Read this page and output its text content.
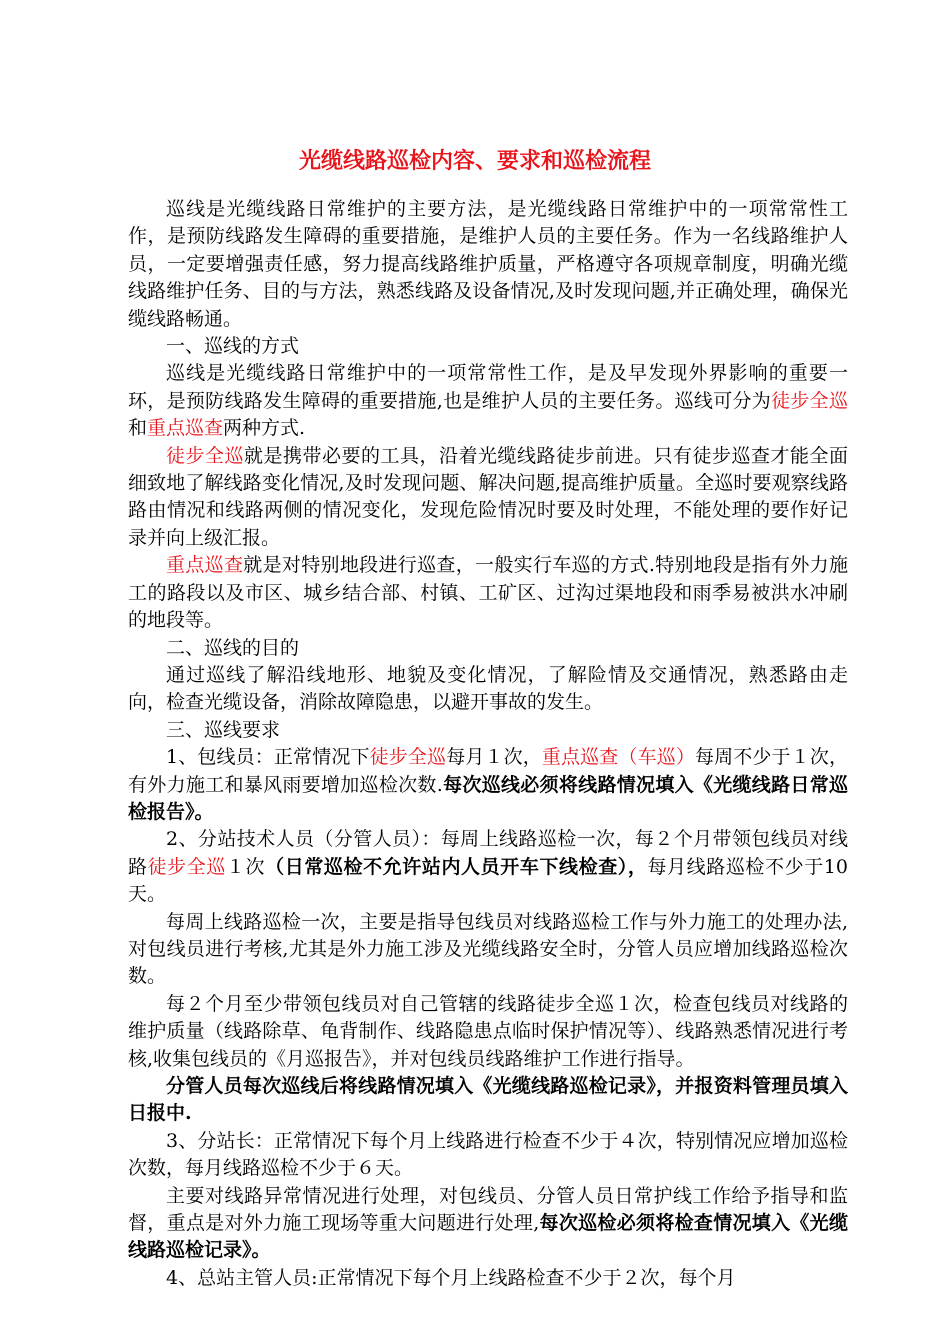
光缆线路巡检内容、要求和巡检流程

巡线是光缆线路日常维护的主要方法，是光缆线路日常维护中的一项常常性工作，是预防线路发生障碍的重要措施，是维护人员的主要任务。作为一名线路维护人员，一定要增强责任感，努力提高线路维护质量，严格遵守各项规章制度，明确光缆线路维护任务、目的与方法，熟悉线路及设备情况,及时发现问题,并正确处理，确保光缆线路畅通。

一、巡线的方式

巡线是光缆线路日常维护中的一项常常性工作，是及早发现外界影响的重要一环，是预防线路发生障碍的重要措施,也是维护人员的主要任务。巡线可分为徒步全巡和重点巡查两种方式.

徒步全巡就是携带必要的工具，沿着光缆线路徒步前进。只有徒步巡查才能全面细致地了解线路变化情况,及时发现问题、解决问题,提高维护质量。全巡时要观察线路路由情况和线路两侧的情况变化，发现危险情况时要及时处理，不能处理的要作好记录并向上级汇报。

重点巡查就是对特别地段进行巡查，一般实行车巡的方式.特别地段是指有外力施工的路段以及市区、城乡结合部、村镇、工矿区、过沟过渠地段和雨季易被洪水冲刷的地段等。

二、巡线的目的

通过巡线了解沿线地形、地貌及变化情况，了解险情及交通情况，熟悉路由走向，检查光缆设备，消除故障隐患，以避开事故的发生。

三、巡线要求

1、包线员：正常情况下徒步全巡每月１次，重点巡查（车巡）每周不少于１次，有外力施工和暴风雨要增加巡检次数.每次巡线必须将线路情况填入《光缆线路日常巡检报告》。

2、分站技术人员（分管人员）：每周上线路巡检一次，每２个月带领包线员对线路徒步全巡１次（日常巡检不允许站内人员开车下线检查），每月线路巡检不少于10天。

每周上线路巡检一次，主要是指导包线员对线路巡检工作与外力施工的处理办法,对包线员进行考核,尤其是外力施工涉及光缆线路安全时，分管人员应增加线路巡检次数。

每２个月至少带领包线员对自己管辖的线路徒步全巡１次，检查包线员对线路的维护质量（线路除草、龟背制作、线路隐患点临时保护情况等）、线路熟悉情况进行考核,收集包线员的《月巡报告》，并对包线员线路维护工作进行指导。

分管人员每次巡线后将线路情况填入《光缆线路巡检记录》，并报资料管理员填入日报中.

3、分站长：正常情况下每个月上线路进行检查不少于４次，特别情况应增加巡检次数，每月线路巡检不少于６天。

主要对线路异常情况进行处理，对包线员、分管人员日常护线工作给予指导和监督，重点是对外力施工现场等重大问题进行处理,每次巡检必须将检查情况填入《光缆线路巡检记录》。

4、总站主管人员:正常情况下每个月上线路检查不少于２次，每个月
